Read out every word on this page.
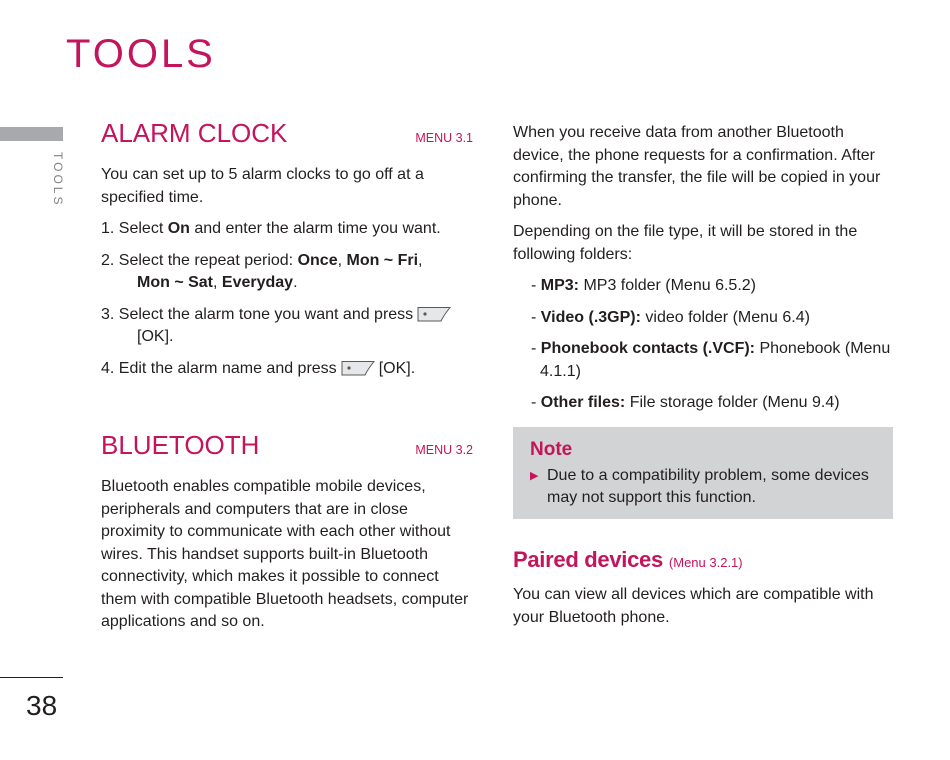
TOOLS
TOOLS
38
ALARM CLOCK	MENU 3.1

You can set up to 5 alarm clocks to go off at a specified time.

1. Select On and enter the alarm time you want.

2. Select the repeat period: Once, Mon ~ Fri,
Mon ~ Sat, Everyday.

3. Select the alarm tone you want and press
[OK].

4. Edit the alarm name and press	[OK].

BLUETOOTH	MENU 3.2

Bluetooth enables compatible mobile devices, peripherals and computers that are in close proximity to communicate with each other without wires. This handset supports built-in Bluetooth connectivity, which makes it possible to connect them with compatible Bluetooth headsets, computer applications and so on.

When you receive data from another Bluetooth device, the phone requests for a confirmation. After confirming the transfer, the file will be copied in your phone.

Depending on the file type, it will be stored in the following folders:

- MP3: MP3 folder (Menu 6.5.2)

- Video (.3GP): video folder (Menu 6.4)

- Phonebook contacts (.VCF): Phonebook (Menu 4.1.1)

- Other files: File storage folder (Menu 9.4)

Note
▶ Due to a compatibility problem, some devices may not support this function.
Paired devices (Menu 3.2.1)

You can view all devices which are compatible with your Bluetooth phone.
